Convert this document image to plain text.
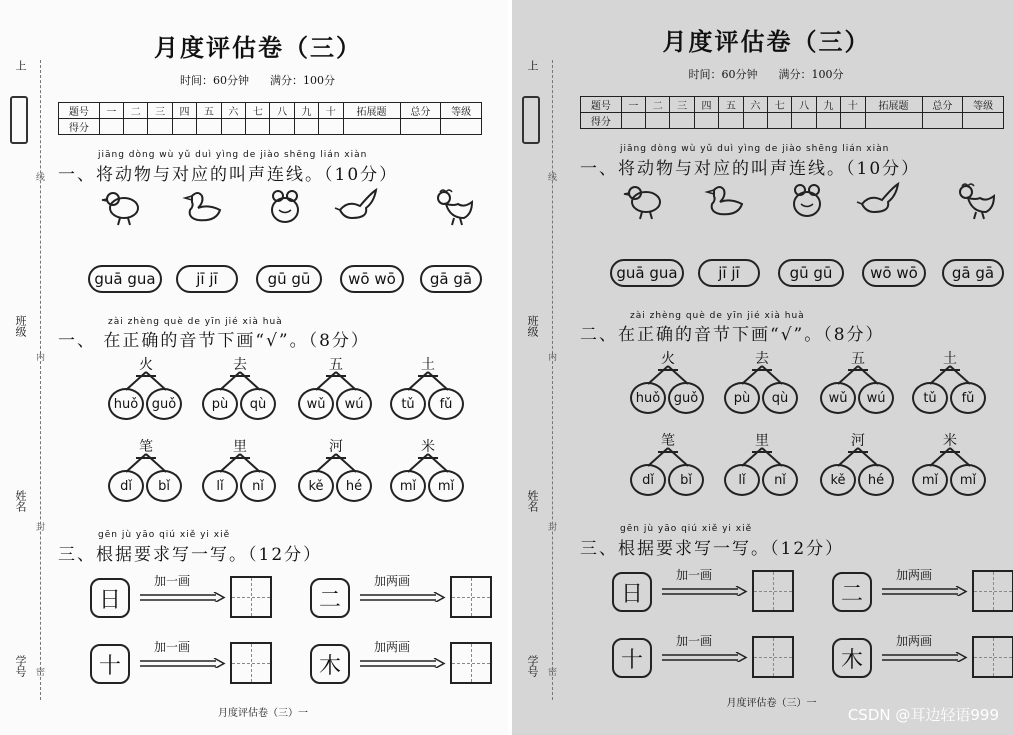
上
班级
姓名
学号
线
内
封
密
月度评估卷（三）
时间：60分钟 满分：100分
题号	一	二	三	四	五	六	七	八	九	十	拓展题	总分	等级
得分													
jiāng dòng wù yǔ duì yìng de jiào shēng lián xiàn
一、将动物与对应的叫声连线。（10分）
guā gua	jī jī	gū gū	wō wō	gā gā
zài zhèng què de yīn jié xià huà
一、 在正确的音节下画“√”。（8分）
火
huǒ	guǒ
去
pù	qù
五
wǔ	wú
土
tǔ	fǔ
笔
dǐ	bǐ
里
lǐ	nǐ
河
kě	hé
米
mǐ	mǐ
gēn jù yāo qiú xiě yi xiě
三、根据要求写一写。（12分）
日
加一画
二
加两画
十
加一画
木
加两画
月度评估卷（三）一
上
班级
姓名
学号
线
内
封
密
月度评估卷（三）
时间：60分钟 满分：100分
题号	一	二	三	四	五	六	七	八	九	十	拓展题	总分	等级
得分													
jiāng dòng wù yǔ duì yìng de jiào shēng lián xiàn
一、将动物与对应的叫声连线。（10分）
guā gua	jī jī	gū gū	wō wō	gā gā
zài zhèng què de yīn jié xià huà
二、在正确的音节下画“√”。（8分）
火
huǒ	guǒ
去
pù	qù
五
wǔ	wú
土
tǔ	fǔ
笔
dǐ	bǐ
里
lǐ	nǐ
河
kě	hé
米
mǐ	mǐ
gēn jù yāo qiú xiě yi xiě
三、根据要求写一写。（12分）
日
加一画
二
加两画
十
加一画
木
加两画
月度评估卷（三）一
CSDN @耳边轻语999
